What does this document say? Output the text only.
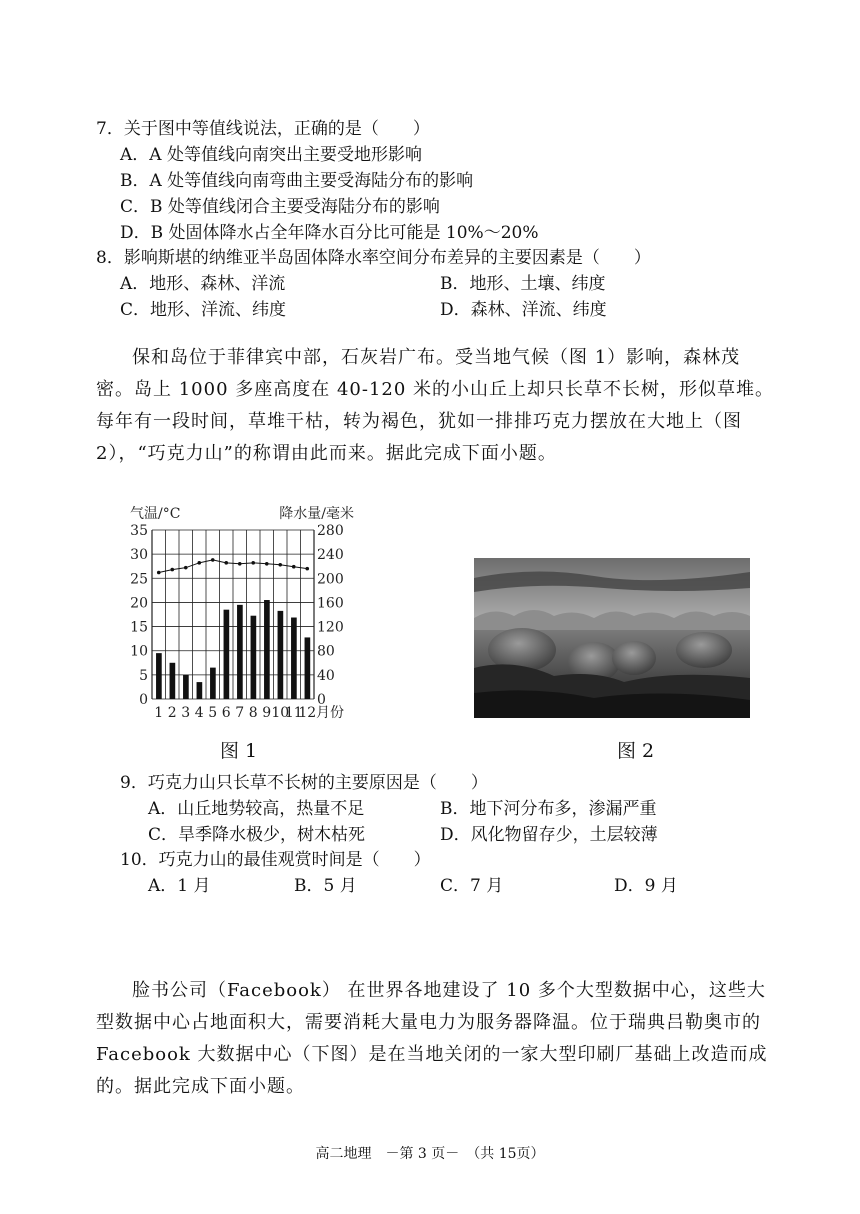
7．关于图中等值线说法，正确的是（　　）
A．A 处等值线向南突出主要受地形影响
B．A 处等值线向南弯曲主要受海陆分布的影响
C．B 处等值线闭合主要受海陆分布的影响
D．B 处固体降水占全年降水百分比可能是 10%～20%
8．影响斯堪的纳维亚半岛固体降水率空间分布差异的主要因素是（　　）
A．地形、森林、洋流	B．地形、土壤、纬度
C．地形、洋流、纬度	D．森林、洋流、纬度
保和岛位于菲律宾中部，石灰岩广布。受当地气候（图 1）影响，森林茂密。岛上 1000 多座高度在 40-120 米的小山丘上却只长草不长树，形似草堆。每年有一段时间，草堆干枯，转为褐色，犹如一排排巧克力摆放在大地上（图 2），“巧克力山”的称谓由此而来。据此完成下面小题。
0
5
10
15
20
25
30
35
0
40
80
120
160
200
240
280
气温/°C	降水量/毫米
1 2 3 4 5 6 7 8 9 10
11
12 月份
图 1	图 2
9．巧克力山只长草不长树的主要原因是（　　）
A．山丘地势较高，热量不足	B．地下河分布多，渗漏严重
C．旱季降水极少，树木枯死	D．风化物留存少，土层较薄
10．巧克力山的最佳观赏时间是（　　）
A．1 月	B．5 月	C．7 月	D．9 月
脸书公司（Facebook） 在世界各地建设了 10 多个大型数据中心，这些大型数据中心占地面积大，需要消耗大量电力为服务器降温。位于瑞典吕勒奥市的 Facebook 大数据中心（下图）是在当地关闭的一家大型印刷厂基础上改造而成的。据此完成下面小题。
高二地理　－第 3 页－　（共 15页）
